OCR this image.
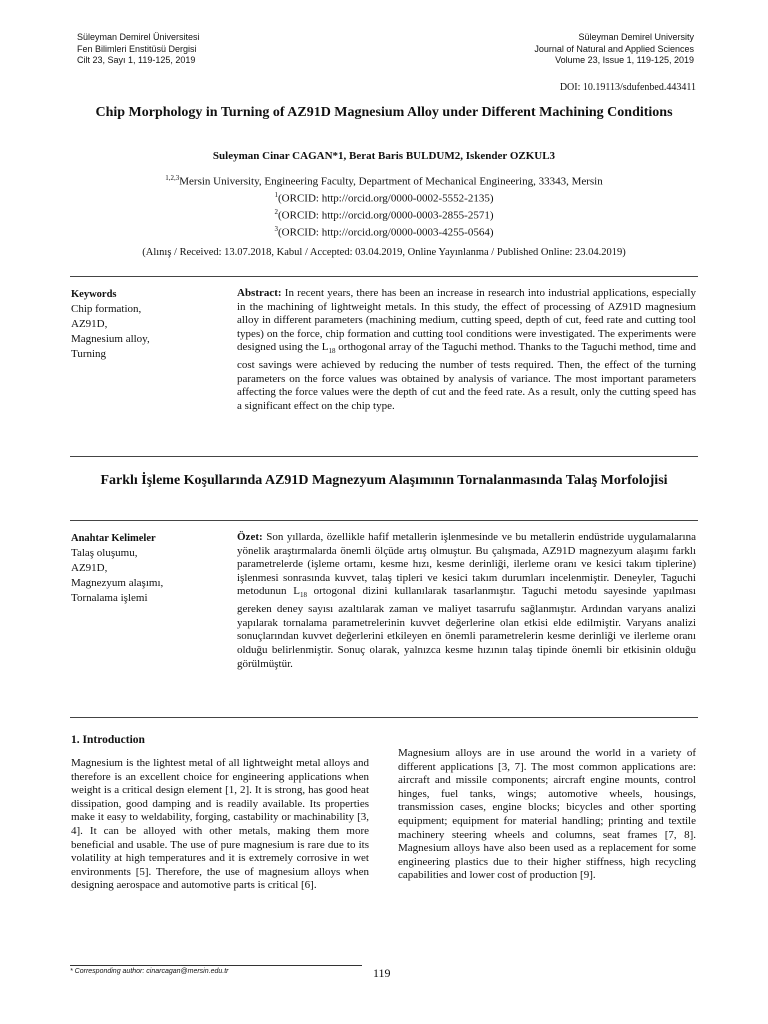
Süleyman Demirel Üniversitesi
Fen Bilimleri Enstitüsü Dergisi
Cilt 23, Sayı 1, 119-125, 2019
Süleyman Demirel University
Journal of Natural and Applied Sciences
Volume 23, Issue 1, 119-125, 2019
DOI: 10.19113/sdufenbed.443411
Chip Morphology in Turning of AZ91D Magnesium Alloy under Different Machining Conditions
Suleyman Cinar CAGAN*1, Berat Baris BULDUM2, Iskender OZKUL3
$^{1,2,3}$Mersin University, Engineering Faculty, Department of Mechanical Engineering, 33343, Mersin
$^1$(ORCID: http://orcid.org/0000-0002-5552-2135)
$^2$(ORCID: http://orcid.org/0000-0003-2855-2571)
$^3$(ORCID: http://orcid.org/0000-0003-4255-0564)
(Alınış / Received: 13.07.2018, Kabul / Accepted: 03.04.2019, Online Yayınlanma / Published Online: 23.04.2019)
Keywords
Chip formation,
AZ91D,
Magnesium alloy,
Turning
Abstract: In recent years, there has been an increase in research into industrial applications, especially in the machining of lightweight metals. In this study, the effect of processing of AZ91D magnesium alloy in different parameters (machining medium, cutting speed, depth of cut, feed rate and cutting tool types) on the force, chip formation and cutting tool conditions were investigated. The experiments were designed using the $L_{18}$ orthogonal array of the Taguchi method. Thanks to the Taguchi method, time and cost savings were achieved by reducing the number of tests required. Then, the effect of the turning parameters on the force values was obtained by analysis of variance. The most important parameters affecting the force values were the depth of cut and the feed rate. As a result, only the cutting speed has a significant effect on the chip type.
Farklı İşleme Koşullarında AZ91D Magnezyum Alaşımının Tornalanmasında Talaş Morfolojisi
Anahtar Kelimeler
Talaş oluşumu,
AZ91D,
Magnezyum alaşımı,
Tornalama işlemi
Özet: Son yıllarda, özellikle hafif metallerin işlenmesinde ve bu metallerin endüstride uygulamalarına yönelik araştırmalarda önemli ölçüde artış olmuştur. Bu çalışmada, AZ91D magnezyum alaşımı farklı parametrelerde (işleme ortamı, kesme hızı, kesme derinliği, ilerleme oranı ve kesici takım tiplerine) işlenmesi sonrasında kuvvet, talaş tipleri ve kesici takım durumları incelenmiştir. Deneyler, Taguchi metodunun $L_{18}$ ortogonal dizini kullanılarak tasarlanmıştır. Taguchi metodu sayesinde yapılması gereken deney sayısı azaltılarak zaman ve maliyet tasarrufu sağlanmıştır. Ardından varyans analizi yapılarak tornalama parametrelerinin kuvvet değerlerine olan etkisi elde edilmiştir. Varyans analizi sonuçlarından kuvvet değerlerini etkileyen en önemli parametrelerin kesme derinliği ve ilerleme oranı olduğu belirlenmiştir. Sonuç olarak, yalnızca kesme hızının talaş tipinde önemli bir etkisinin olduğu görülmüştür.
1. Introduction
Magnesium is the lightest metal of all lightweight metal alloys and therefore is an excellent choice for engineering applications when weight is a critical design element [1, 2]. It is strong, has good heat dissipation, good damping and is readily available. Its properties make it easy to weldability, forging, castability or machinability [3, 4]. It can be alloyed with other metals, making them more beneficial and usable. The use of pure magnesium is rare due to its volatility at high temperatures and it is extremely corrosive in wet environments [5]. Therefore, the use of magnesium alloys when designing aerospace and automotive parts is critical [6].
Magnesium alloys are in use around the world in a variety of different applications [3, 7]. The most common applications are: aircraft and missile components; aircraft engine mounts, control hinges, fuel tanks, wings; automotive wheels, housings, transmission cases, engine blocks; bicycles and other sporting equipment; equipment for material handling; printing and textile machinery steering wheels and columns, seat frames [7, 8]. Magnesium alloys have also been used as a replacement for some engineering plastics due to their higher stiffness, high recycling capabilities and lower cost of production [9].
* Corresponding author: cinarcagan@mersin.edu.tr	119
